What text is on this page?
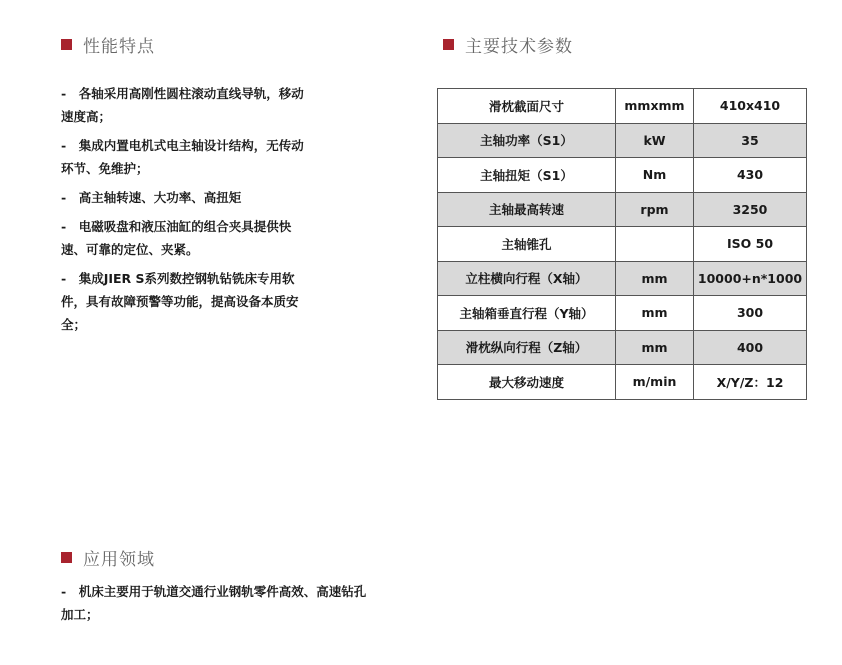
性能特点
-　各轴采用高刚性圆柱滚动直线导轨，移动速度高；
-　集成内置电机式电主轴设计结构，无传动环节、免维护；
-　高主轴转速、大功率、高扭矩
-　电磁吸盘和液压油缸的组合夹具提供快速、可靠的定位、夹紧。
-　集成JIER S系列数控钢轨钻铣床专用软件，具有故障预警等功能，提高设备本质安全；
主要技术参数
滑枕截面尺寸	mmxmm	410x410
主轴功率（S1）	kW	35
主轴扭矩（S1）	Nm	430
主轴最高转速	rpm	3250
主轴锥孔		ISO 50
立柱横向行程（X轴）	mm	10000+n*1000
主轴箱垂直行程（Y轴）	mm	300
滑枕纵向行程（Z轴）	mm	400
最大移动速度	m/min	X/Y/Z：12
应用领域
-　机床主要用于轨道交通行业钢轨零件高效、高速钻孔加工；
